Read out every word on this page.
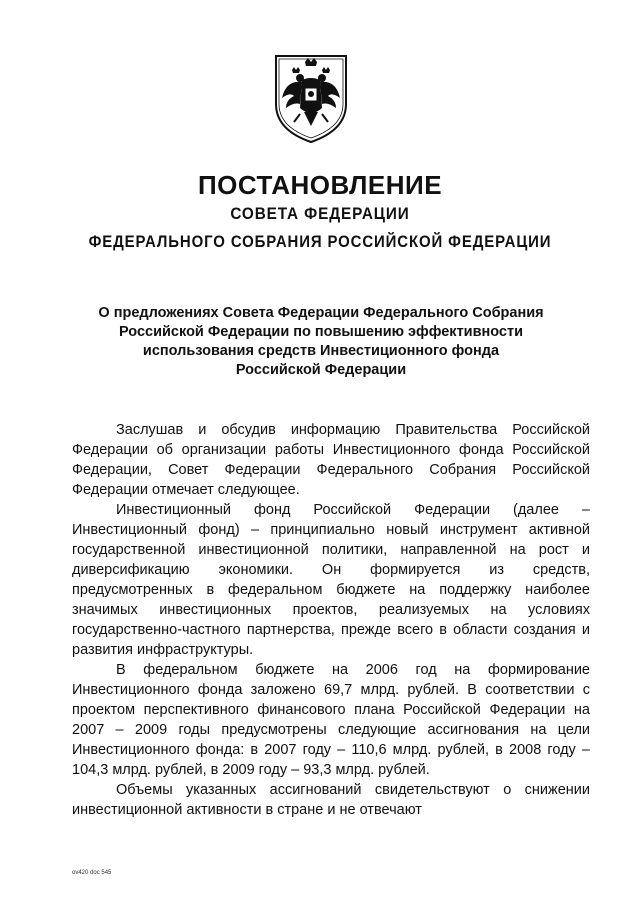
ПОСТАНОВЛЕНИЕ
СОВЕТА ФЕДЕРАЦИИ
ФЕДЕРАЛЬНОГО СОБРАНИЯ РОССИЙСКОЙ ФЕДЕРАЦИИ
О предложениях Совета Федерации Федерального Собрания
Российской Федерации по повышению эффективности
использования средств Инвестиционного фонда
Российской Федерации

Заслушав и обсудив информацию Правительства Российской Федерации об организации работы Инвестиционного фонда Российской Федерации, Совет Федерации Федерального Собрания Российской Федерации отмечает следующее.

Инвестиционный фонд Российской Федерации (далее – Инвестиционный фонд) – принципиально новый инструмент активной государственной инвестиционной политики, направленной на рост и диверсификацию экономики. Он формируется из средств, предусмотренных в федеральном бюджете на поддержку наиболее значимых инвестиционных проектов, реализуемых на условиях государственно-частного партнерства, прежде всего в области создания и развития инфраструктуры.

В федеральном бюджете на 2006 год на формирование Инвестиционного фонда заложено 69,7 млрд. рублей. В соответствии с проектом перспективного финансового плана Российской Федерации на 2007 – 2009 годы предусмотрены следующие ассигнования на цели Инвестиционного фонда: в 2007 году – 110,6 млрд. рублей, в 2008 году – 104,3 млрд. рублей, в 2009 году – 93,3 млрд. рублей.

Объемы указанных ассигнований свидетельствуют о снижении инвестиционной активности в стране и не отвечают

ov420 doc 545
